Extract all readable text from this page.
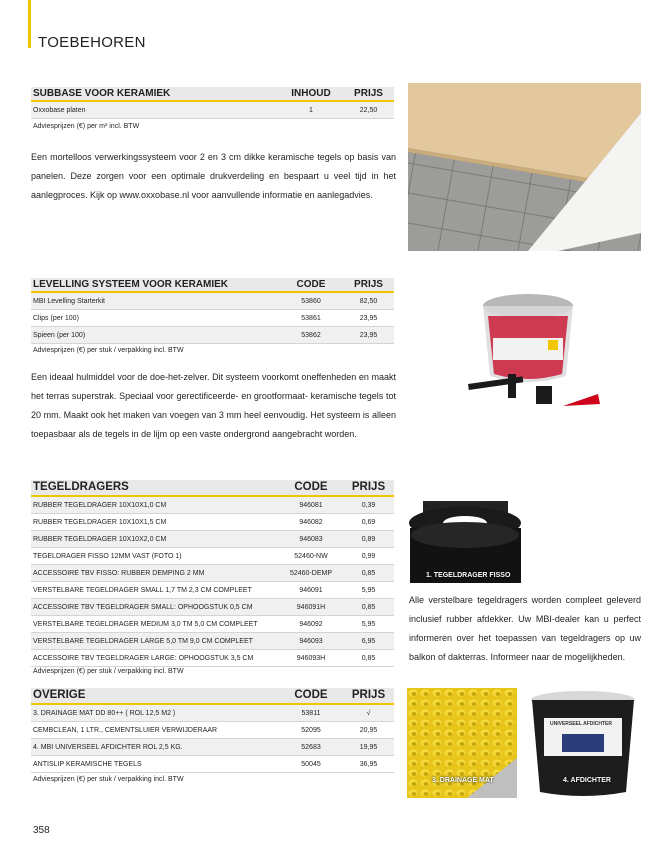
TOEBEHOREN
SUBBASE VOOR KERAMIEK	INHOUD	PRIJS
Oxxobase platen	1	22,50
Adviesprijzen (€) per m² incl. BTW
Een mortelloos verwerkingssysteem voor 2 en 3 cm dikke keramische tegels op basis van panelen. Deze zorgen voor een optimale drukverdeling en bespaart u veel tijd in het aanlegproces. Kijk op www.oxxobase.nl voor aanvullende informatie en aanlegadvies.
LEVELLING SYSTEEM VOOR KERAMIEK	CODE	PRIJS
MBI Levelling Starterkit	53860	82,50
Clips (per 100)	53861	23,95
Spieen (per 100)	53862	23,95
Adviesprijzen (€) per stuk / verpakking incl. BTW
Een ideaal hulmiddel voor de doe-het-zelver. Dit systeem voorkomt oneffenheden en maakt het terras superstrak. Speciaal voor gerectificeerde- en grootformaat- keramische tegels tot 20 mm. Maakt ook het maken van voegen van 3 mm heel eenvoudig. Het systeem is alleen toepasbaar als de tegels in de lijm op een vaste ondergrond aangebracht worden.
TEGELDRAGERS	CODE	PRIJS
RUBBER TEGELDRAGER 10X10X1,0 CM	946081	0,39
RUBBER TEGELDRAGER 10X10X1,5 CM	946082	0,69
RUBBER TEGELDRAGER 10X10X2,0 CM	946083	0,89
TEGELDRAGER FISSO 12MM VAST (FOTO 1)	52460-NW	0,99
ACCESSOIRE TBV FISSO: RUBBER DEMPING 2 MM	52460-DEMP	0,85
VERSTELBARE TEGELDRAGER SMALL 1,7 TM 2,3 CM COMPLEET	946091	5,95
ACCESSOIRE TBV TEGELDRAGER SMALL: OPHOOGSTUK 0,5 CM	946091H	0,85
VERSTELBARE TEGELDRAGER MEDIUM 3,0 TM 5,0 CM COMPLEET	946092	5,95
VERSTELBARE TEGELDRAGER LARGE 5,0 TM 9,0 CM COMPLEET	946093	6,95
ACCESSOIRE TBV TEGELDRAGER LARGE: OPHOOGSTUK 3,5 CM	946093H	0,85
Adviesprijzen (€) per stuk / verpakking incl. BTW
1. TEGELDRAGER FISSO
Alle verstelbare tegeldragers worden compleet geleverd inclusief rubber afdekker. Uw MBI-dealer kan u perfect informeren over het toepassen van tegeldragers op uw balkon of dakterras. Informeer naar de mogelijkheden.
OVERIGE	CODE	PRIJS
3. DRAINAGE MAT DD 80++ ( ROL 12,5 M2 )	53811	√
CEMBCLEAN, 1 LTR., CEMENTSLUIER VERWIJDERAAR	52095	20,95
4. MBI UNIVERSEEL AFDICHTER ROL 2,5 KG.	52683	19,95
ANTISLIP KERAMISCHE TEGELS	50045	36,95
Adviesprijzen (€) per stuk / verpakking incl. BTW	3. DRAINAGE MAT
UNIVERSEEL AFDICHTER
4. AFDICHTER
358
